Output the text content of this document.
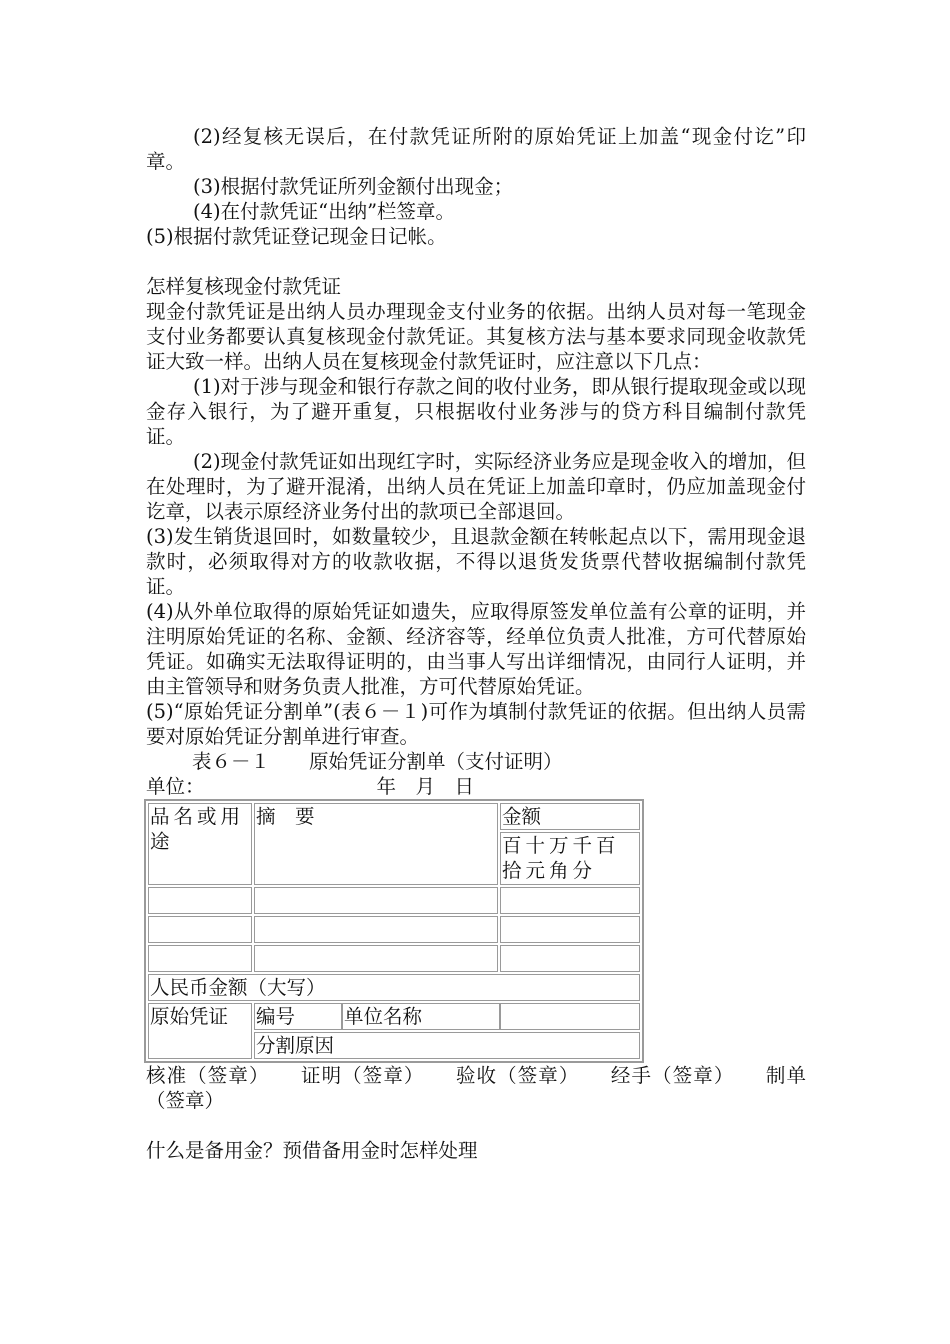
(2)经复核无误后，在付款凭证所附的原始凭证上加盖“现金付讫”印章。

(3)根据付款凭证所列金额付出现金；

(4)在付款凭证“出纳”栏签章。

(5)根据付款凭证登记现金日记帐。

怎样复核现金付款凭证

现金付款凭证是出纳人员办理现金支付业务的依据。出纳人员对每一笔现金支付业务都要认真复核现金付款凭证。其复核方法与基本要求同现金收款凭证大致一样。出纳人员在复核现金付款凭证时，应注意以下几点：

(1)对于涉与现金和银行存款之间的收付业务，即从银行提取现金或以现金存入银行，为了避开重复，只根据收付业务涉与的贷方科目编制付款凭证。

(2)现金付款凭证如出现红字时，实际经济业务应是现金收入的增加，但在处理时，为了避开混淆，出纳人员在凭证上加盖印章时，仍应加盖现金付讫章，以表示原经济业务付出的款项已全部退回。

(3)发生销货退回时，如数量较少，且退款金额在转帐起点以下，需用现金退款时，必须取得对方的收款收据，不得以退货发货票代替收据编制付款凭证。

(4)从外单位取得的原始凭证如遗失，应取得原签发单位盖有公章的证明，并注明原始凭证的名称、金额、经济容等，经单位负责人批准，方可代替原始凭证。如确实无法取得证明的，由当事人写出详细情况，由同行人证明，并由主管领导和财务负责人批准，方可代替原始凭证。

(5)“原始凭证分割单”(表６－１)可作为填制付款凭证的依据。但出纳人员需要对原始凭证分割单进行审查。

表６－１　　 原始凭证分割单（支付证明）

单位：　　　　　　　　　	年　月　日

品名或用途	摘　要	金额
百十万千百拾元角分

人民币金额（大写）
原始凭证	编号	单位名称	

分割原因

核准（签章）　　证明（签章）　　验收（签章）　　经手（签章）　　制单（签章）

什么是备用金？预借备用金时怎样处理
